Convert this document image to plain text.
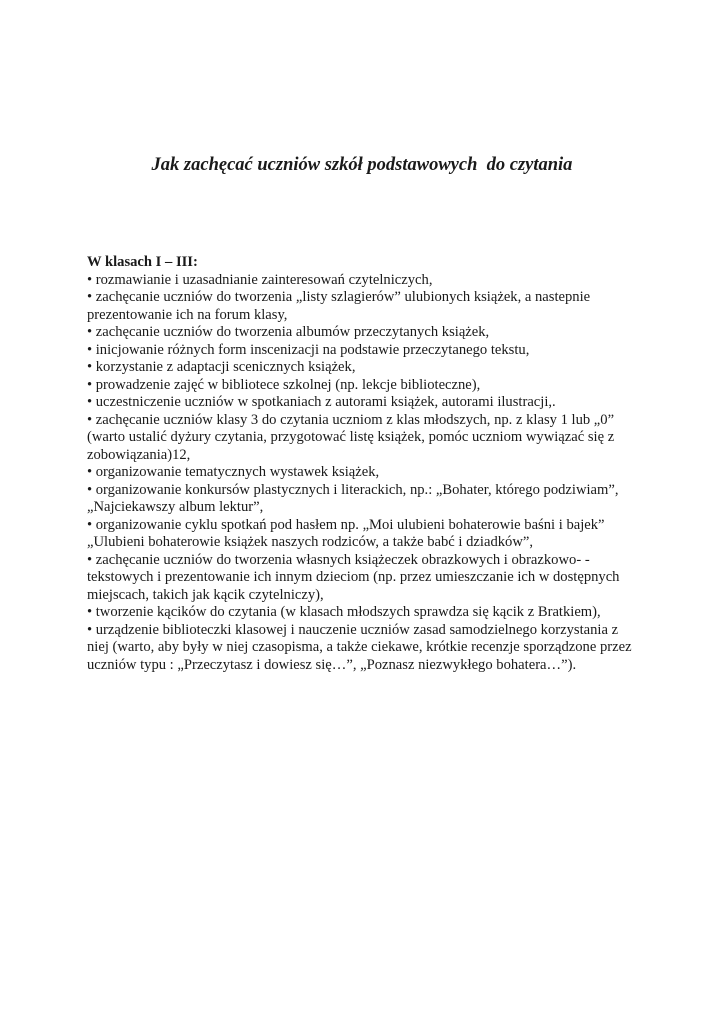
Jak zachęcać uczniów szkół podstawowych  do czytania
W klasach I – III:
• rozmawianie i uzasadnianie zainteresowań czytelniczych,
• zachęcanie uczniów do tworzenia „listy szlagierów” ulubionych książek, a nastepnie
prezentowanie ich na forum klasy,
• zachęcanie uczniów do tworzenia albumów przeczytanych książek,
• inicjowanie różnych form inscenizacji na podstawie przeczytanego tekstu,
• korzystanie z adaptacji scenicznych książek,
• prowadzenie zajęć w bibliotece szkolnej (np. lekcje biblioteczne),
• uczestniczenie uczniów w spotkaniach z autorami książek, autorami ilustracji,.
• zachęcanie uczniów klasy 3 do czytania uczniom z klas młodszych, np. z klasy 1 lub „0”
(warto ustalić dyżury czytania, przygotować listę książek, pomóc uczniom wywiązać się z
zobowiązania)12,
• organizowanie tematycznych wystawek książek,
• organizowanie konkursów plastycznych i literackich, np.: „Bohater, którego podziwiam”,
„Najciekawszy album lektur”,
• organizowanie cyklu spotkań pod hasłem np. „Moi ulubieni bohaterowie baśni i bajek”
„Ulubieni bohaterowie książek naszych rodziców, a także babć i dziadków”,
• zachęcanie uczniów do tworzenia własnych książeczek obrazkowych i obrazkowo- -
tekstowych i prezentowanie ich innym dzieciom (np. przez umieszczanie ich w dostępnych
miejscach, takich jak kącik czytelniczy),
• tworzenie kącików do czytania (w klasach młodszych sprawdza się kącik z Bratkiem),
• urządzenie biblioteczki klasowej i nauczenie uczniów zasad samodzielnego korzystania z
niej (warto, aby były w niej czasopisma, a także ciekawe, krótkie recenzje sporządzone przez
uczniów typu : „Przeczytasz i dowiesz się…”, „Poznasz niezwykłego bohatera…”).
